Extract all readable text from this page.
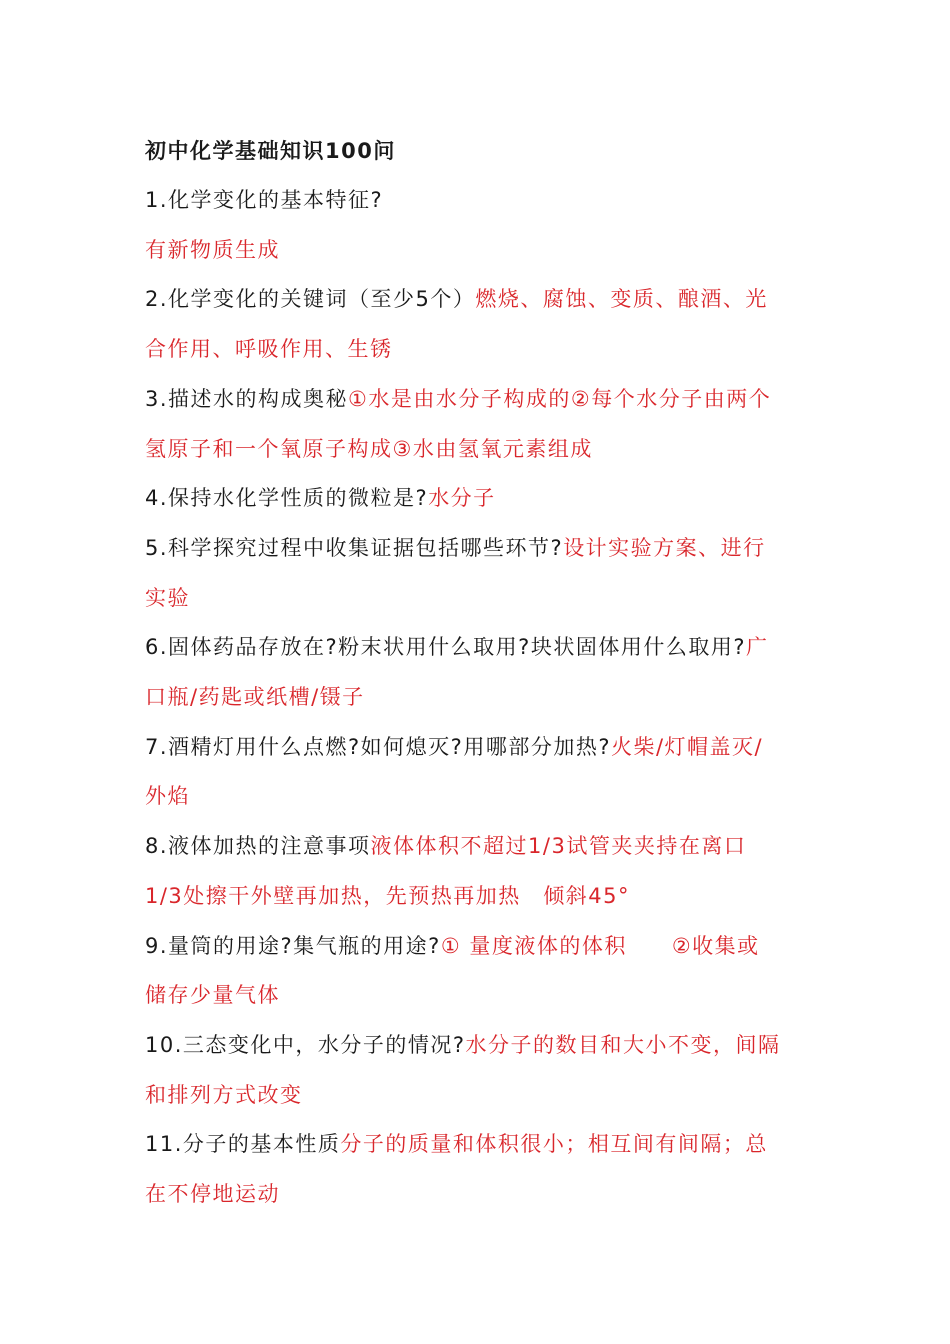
初中化学基础知识100问

1.化学变化的基本特征?

有新物质生成

2.化学变化的关键词（至少5个）燃烧、腐蚀、变质、酿酒、光

合作用、呼吸作用、生锈

3.描述水的构成奥秘①水是由水分子构成的②每个水分子由两个

氢原子和一个氧原子构成③水由氢氧元素组成

4.保持水化学性质的微粒是?水分子

5.科学探究过程中收集证据包括哪些环节?设计实验方案、进行

实验

6.固体药品存放在?粉末状用什么取用?块状固体用什么取用?广

口瓶/药匙或纸槽/镊子

7.酒精灯用什么点燃?如何熄灭?用哪部分加热?火柴/灯帽盖灭/

外焰

8.液体加热的注意事项液体体积不超过1/3试管夹夹持在离口

1/3处擦干外壁再加热，先预热再加热　倾斜45°

9.量筒的用途?集气瓶的用途?① 量度液体的体积　　②收集或

储存少量气体

10.三态变化中，水分子的情况?水分子的数目和大小不变，间隔

和排列方式改变

11.分子的基本性质分子的质量和体积很小；相互间有间隔；总

在不停地运动
